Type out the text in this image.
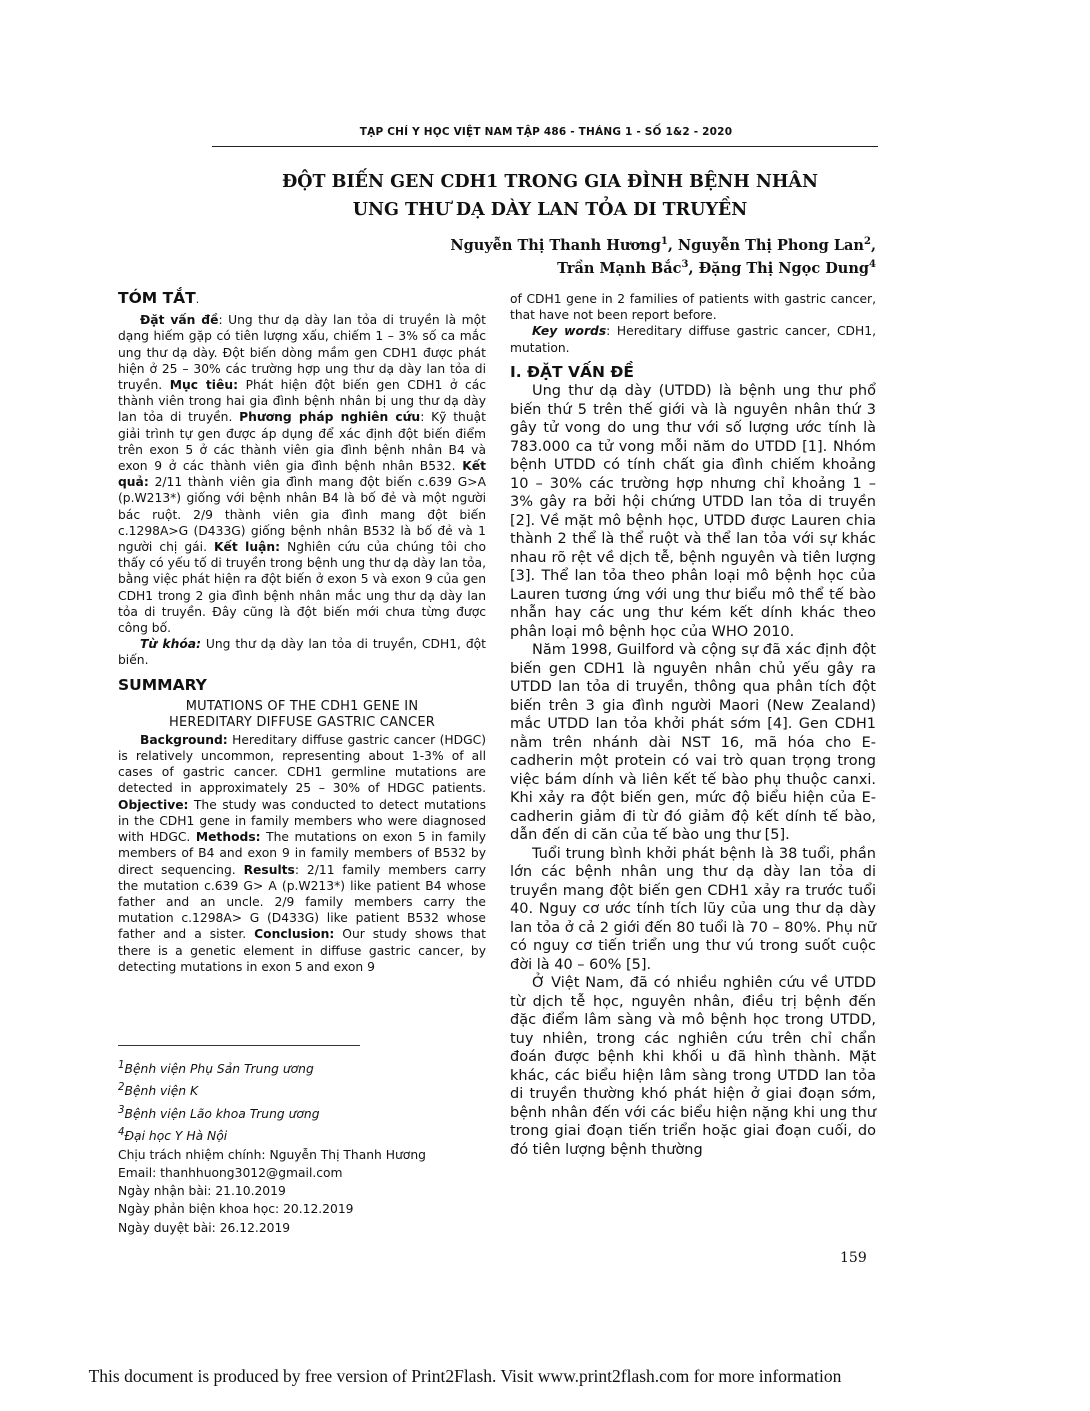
TẠP CHÍ Y HỌC VIỆT NAM TẬP 486 - THÁNG 1 - SỐ 1&2 - 2020
ĐỘT BIẾN GEN CDH1 TRONG GIA ĐÌNH BỆNH NHÂN
UNG THƯ DẠ DÀY LAN TỎA DI TRUYỀN
Nguyễn Thị Thanh Hương$^1$, Nguyễn Thị Phong Lan$^2$,
Trần Mạnh Bắc$^3$, Đặng Thị Ngọc Dung$^4$

TÓM TẮT.

Đặt vấn đề: Ung thư dạ dày lan tỏa di truyền là một dạng hiếm gặp có tiên lượng xấu, chiếm 1 – 3% số ca mắc ung thư dạ dày. Đột biến dòng mầm gen CDH1 được phát hiện ở 25 – 30% các trường hợp ung thư dạ dày lan tỏa di truyền. Mục tiêu: Phát hiện đột biến gen CDH1 ở các thành viên trong hai gia đình bệnh nhân bị ung thư dạ dày lan tỏa di truyền. Phương pháp nghiên cứu: Kỹ thuật giải trình tự gen được áp dụng để xác định đột biến điểm trên exon 5 ở các thành viên gia đình bệnh nhân B4 và exon 9 ở các thành viên gia đình bệnh nhân B532. Kết quả: 2/11 thành viên gia đình mang đột biến c.639 G>A (p.W213*) giống với bệnh nhân B4 là bố đẻ và một người bác ruột. 2/9 thành viên gia đình mang đột biến c.1298A>G (D433G) giống bệnh nhân B532 là bố đẻ và 1 người chị gái. Kết luận: Nghiên cứu của chúng tôi cho thấy có yếu tố di truyền trong bệnh ung thư dạ dày lan tỏa, bằng việc phát hiện ra đột biến ở exon 5 và exon 9 của gen CDH1 trong 2 gia đình bệnh nhân mắc ung thư dạ dày lan tỏa di truyền. Đây cũng là đột biến mới chưa từng được công bố.

Từ khóa: Ung thư dạ dày lan tỏa di truyền, CDH1, đột biến.

SUMMARY

MUTATIONS OF THE CDH1 GENE IN
HEREDITARY DIFFUSE GASTRIC CANCER

Background: Hereditary diffuse gastric cancer (HDGC) is relatively uncommon, representing about 1-3% of all cases of gastric cancer. CDH1 germline mutations are detected in approximately 25 – 30% of HDGC patients. Objective: The study was conducted to detect mutations in the CDH1 gene in family members who were diagnosed with HDGC. Methods: The mutations on exon 5 in family members of B4 and exon 9 in family members of B532 by direct sequencing. Results: 2/11 family members carry the mutation c.639 G> A (p.W213*) like patient B4 whose father and an uncle. 2/9 family members carry the mutation c.1298A> G (D433G) like patient B532 whose father and a sister. Conclusion: Our study shows that there is a genetic element in diffuse gastric cancer, by detecting mutations in exon 5 and exon 9

$^1$Bệnh viện Phụ Sản Trung ương

$^2$Bệnh viện K

$^3$Bệnh viện Lão khoa Trung ương

$^4$Đại học Y Hà Nội

Chịu trách nhiệm chính: Nguyễn Thị Thanh Hương

Email: thanhhuong3012@gmail.com

Ngày nhận bài: 21.10.2019

Ngày phản biện khoa học: 20.12.2019

Ngày duyệt bài: 26.12.2019

of CDH1 gene in 2 families of patients with gastric cancer, that have not been report before.

Key words: Hereditary diffuse gastric cancer, CDH1, mutation.

I. ĐẶT VẤN ĐỀ

Ung thư dạ dày (UTDD) là bệnh ung thư phổ biến thứ 5 trên thế giới và là nguyên nhân thứ 3 gây tử vong do ung thư với số lượng ước tính là 783.000 ca tử vong mỗi năm do UTDD [1]. Nhóm bệnh UTDD có tính chất gia đình chiếm khoảng 10 – 30% các trường hợp nhưng chỉ khoảng 1 – 3% gây ra bởi hội chứng UTDD lan tỏa di truyền [2]. Về mặt mô bệnh học, UTDD được Lauren chia thành 2 thể là thể ruột và thể lan tỏa với sự khác nhau rõ rệt về dịch tễ, bệnh nguyên và tiên lượng [3]. Thể lan tỏa theo phân loại mô bệnh học của Lauren tương ứng với ung thư biểu mô thể tế bào nhẫn hay các ung thư kém kết dính khác theo phân loại mô bệnh học của WHO 2010.

Năm 1998, Guilford và cộng sự đã xác định đột biến gen CDH1 là nguyên nhân chủ yếu gây ra UTDD lan tỏa di truyền, thông qua phân tích đột biến trên 3 gia đình người Maori (New Zealand) mắc UTDD lan tỏa khởi phát sớm [4]. Gen CDH1 nằm trên nhánh dài NST 16, mã hóa cho E-cadherin một protein có vai trò quan trọng trong việc bám dính và liên kết tế bào phụ thuộc canxi. Khi xảy ra đột biến gen, mức độ biểu hiện của E-cadherin giảm đi từ đó giảm độ kết dính tế bào, dẫn đến di căn của tế bào ung thư [5].

Tuổi trung bình khởi phát bệnh là 38 tuổi, phần lớn các bệnh nhân ung thư dạ dày lan tỏa di truyền mang đột biến gen CDH1 xảy ra trước tuổi 40. Nguy cơ ước tính tích lũy của ung thư dạ dày lan tỏa ở cả 2 giới đến 80 tuổi là 70 – 80%. Phụ nữ có nguy cơ tiến triển ung thư vú trong suốt cuộc đời là 40 – 60% [5].

Ở Việt Nam, đã có nhiều nghiên cứu về UTDD từ dịch tễ học, nguyên nhân, điều trị bệnh đến đặc điểm lâm sàng và mô bệnh học trong UTDD, tuy nhiên, trong các nghiên cứu trên chỉ chẩn đoán được bệnh khi khối u đã hình thành. Mặt khác, các biểu hiện lâm sàng trong UTDD lan tỏa di truyền thường khó phát hiện ở giai đoạn sớm, bệnh nhân đến với các biểu hiện nặng khi ung thư trong giai đoạn tiến triển hoặc giai đoạn cuối, do đó tiên lượng bệnh thường

159
This document is produced by free version of Print2Flash. Visit www.print2flash.com for more information
